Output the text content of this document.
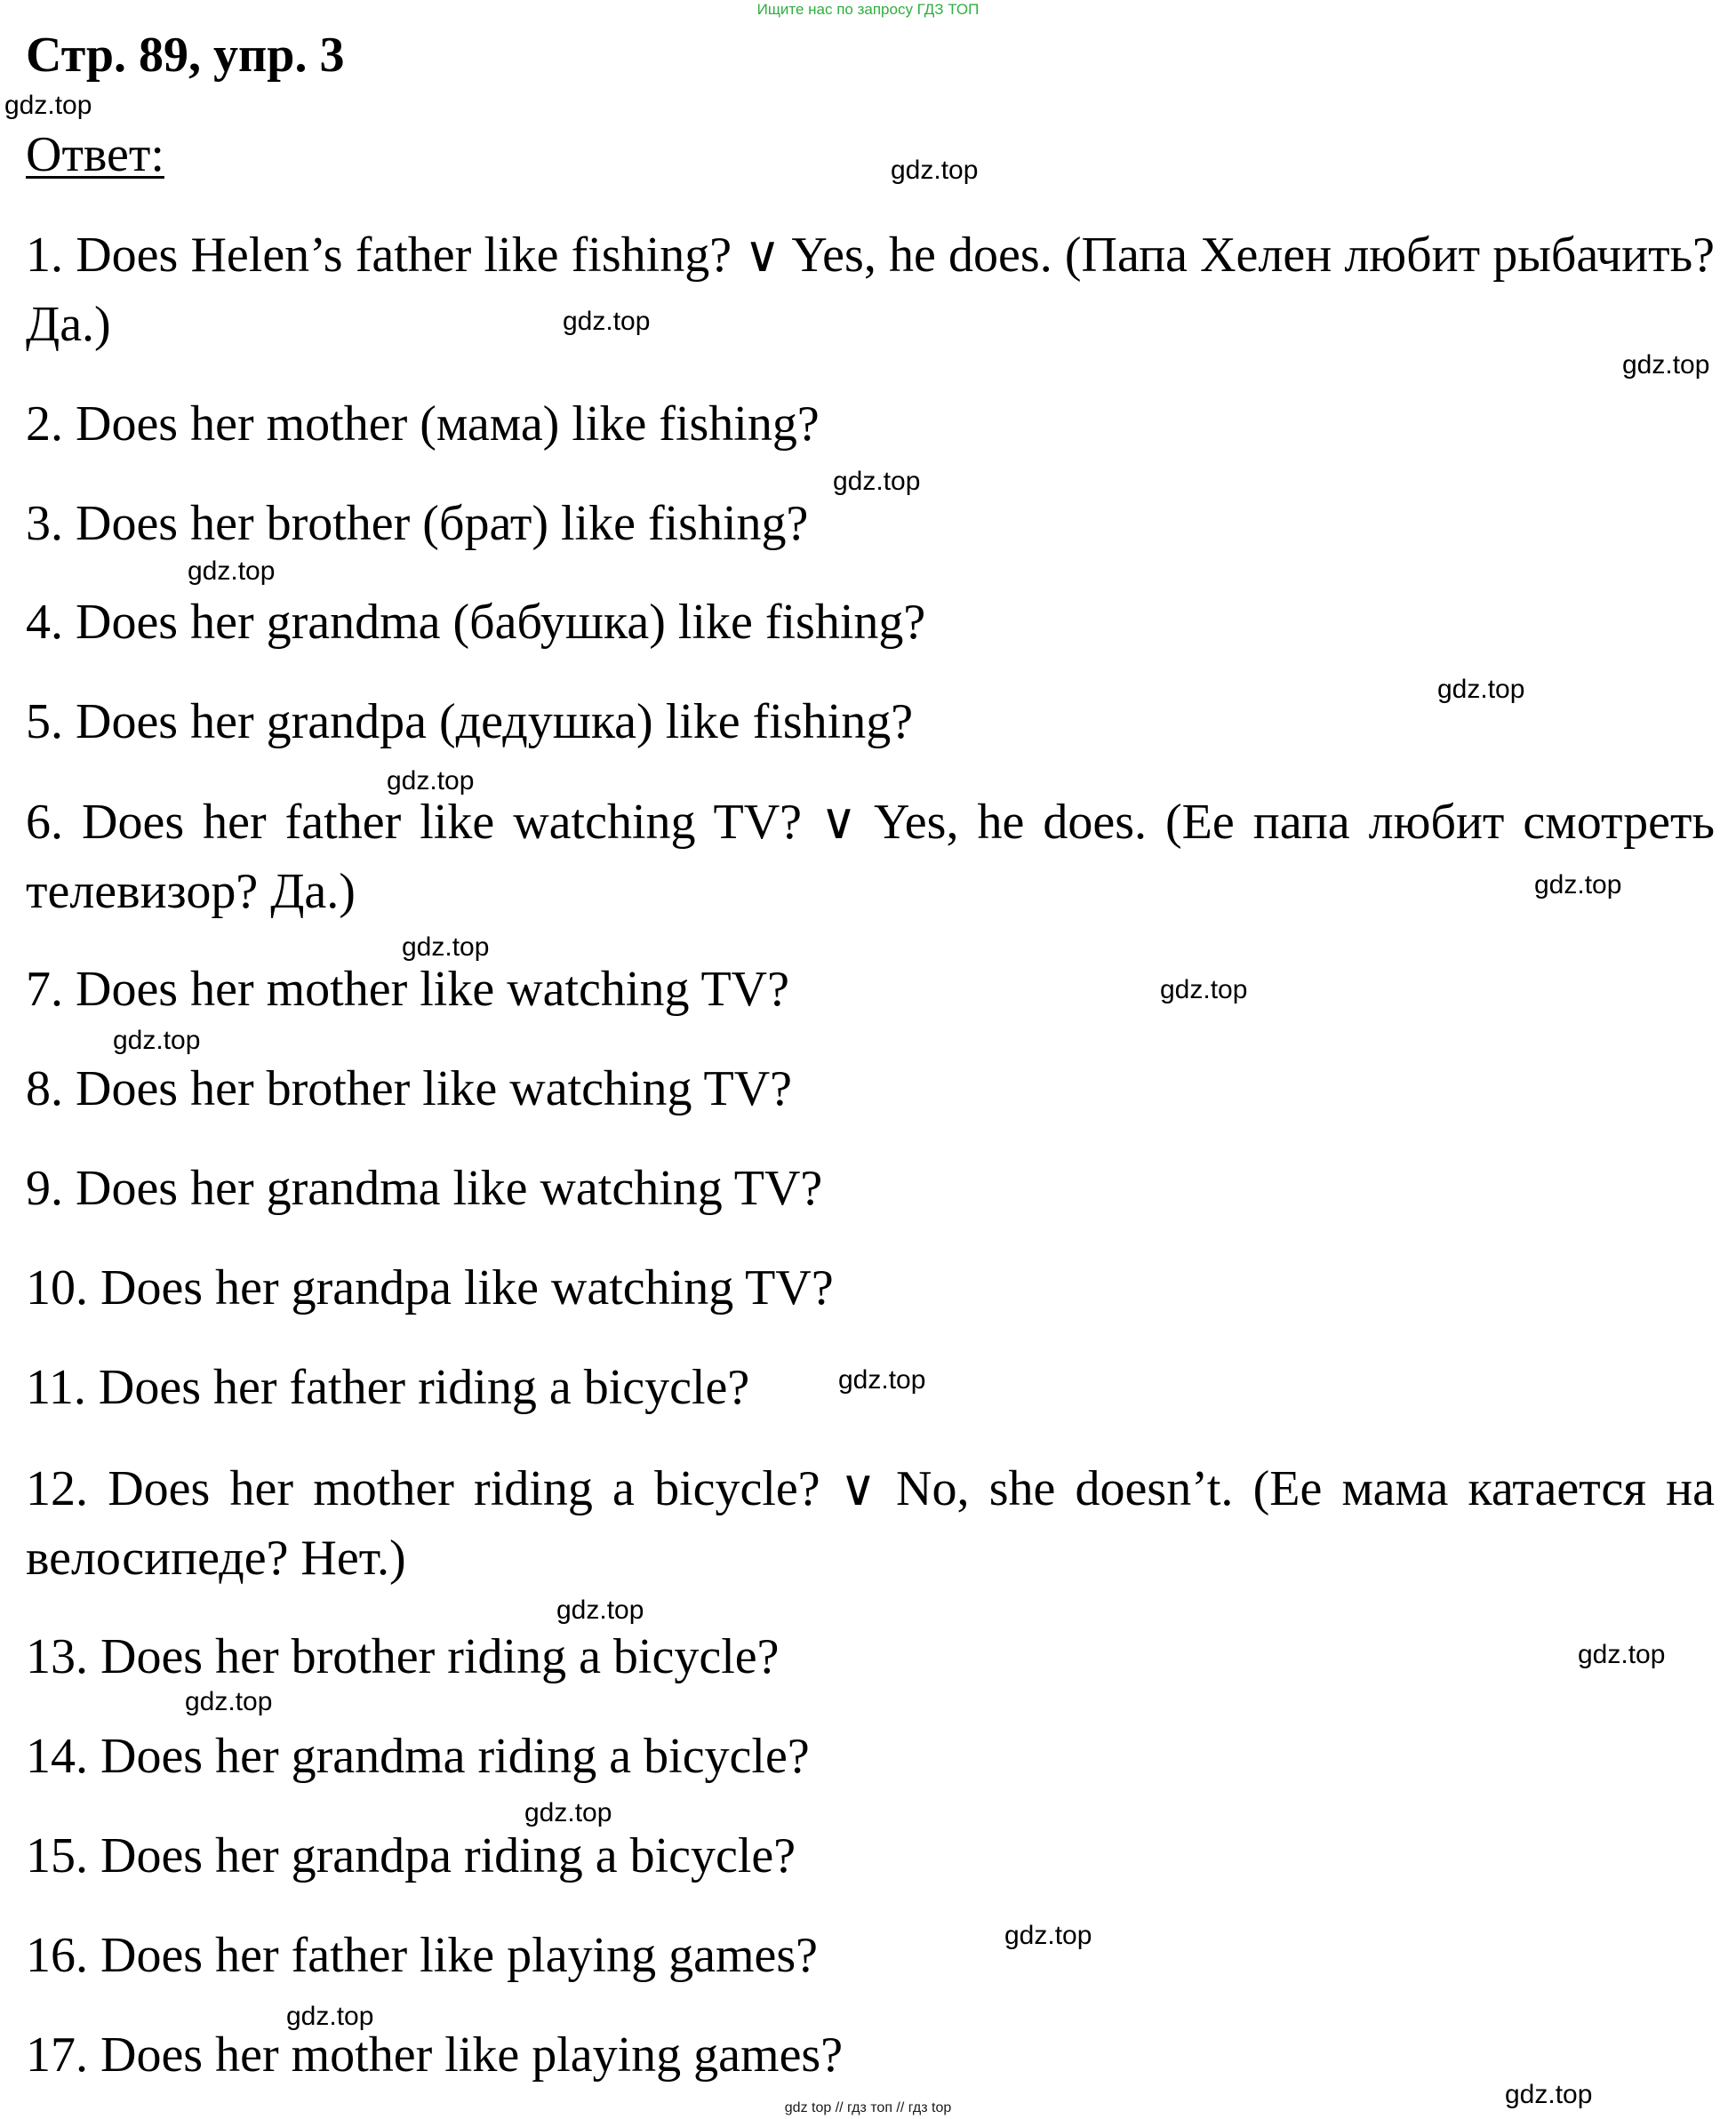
Ищите нас по запросу ГДЗ ТОП
Стр. 89, упр. 3
Ответ:

1. Does Helen’s father like fishing? ∨ Yes, he does. (Папа Хелен любит рыбачить? Да.)

2. Does her mother (мама) like fishing?

3. Does her brother (брат) like fishing?

4. Does her grandma (бабушка) like fishing?

5. Does her grandpa (дедушка) like fishing?

6. Does her father like watching TV? ∨ Yes, he does. (Ее папа любит смотреть телевизор? Да.)

7. Does her mother like watching TV?

8. Does her brother like watching TV?

9. Does her grandma like watching TV?

10. Does her grandpa like watching TV?

11. Does her father riding a bicycle?

12. Does her mother riding a bicycle? ∨ No, she doesn’t. (Ее мама катается на велосипеде? Нет.)

13. Does her brother riding a bicycle?

14. Does her grandma riding a bicycle?

15. Does her grandpa riding a bicycle?

16. Does her father like playing games?

17. Does her mother like playing games?

gdz.top
gdz.top
gdz.top
gdz.top
gdz.top
gdz.top
gdz.top
gdz.top
gdz.top
gdz.top
gdz.top
gdz.top
gdz.top
gdz.top
gdz.top
gdz.top
gdz.top
gdz.top
gdz.top
gdz.top
gdz top // гдз топ // гдз top
